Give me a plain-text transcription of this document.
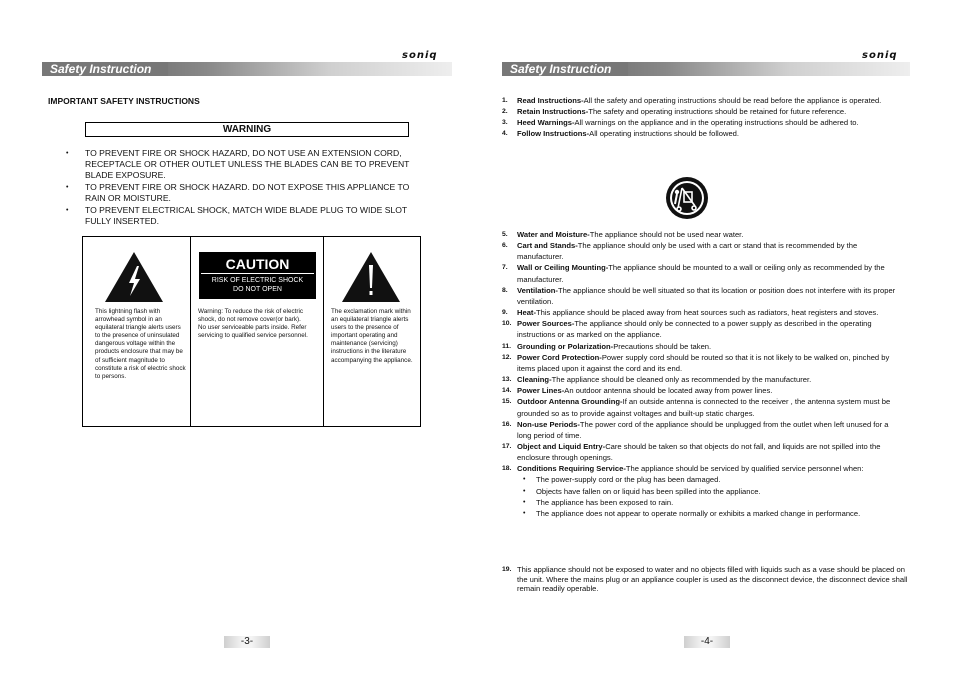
soniq
Safety Instruction
IMPORTANT SAFETY INSTRUCTIONS
WARNING
• TO PREVENT FIRE OR SHOCK HAZARD, DO NOT USE AN EXTENSION CORD, RECEPTACLE OR OTHER OUTLET UNLESS THE BLADES CAN BE TO PREVENT BLADE EXPOSURE.
• TO PREVENT FIRE OR SHOCK HAZARD. DO NOT EXPOSE THIS APPLIANCE TO RAIN OR MOISTURE.
• TO PREVENT ELECTRICAL SHOCK, MATCH WIDE BLADE PLUG TO WIDE SLOT FULLY INSERTED.
This lightning flash with arrowhead symbol in an equilateral triangle alerts users to the presence of uninsulated dangerous voltage within the products enclosure that may be of sufficient magnitude to constitute a risk of electric shock to persons.
CAUTION
RISK OF ELECTRIC SHOCK
DO NOT OPEN
Warning: To reduce the risk of electric shock, do not remove cover(or bark). No user serviceable parts inside. Refer servicing to qualified service personnel.
The exclamation mark within an equilateral triangle alerts users to the presence of important operating and maintenance (servicing) instructions in the literature accompanying the appliance.
-3-
soniq
Safety Instruction
1. Read Instructions-All the safety and operating instructions should be read before the appliance is operated.
2. Retain Instructions-The safety and operating instructions should be retained for future reference.
3. Heed Warnings-All warnings on the appliance and in the operating instructions should be adhered to.
4. Follow Instructions-All operating instructions should be followed.
5. Water and Moisture-The appliance should not be used near water.
6. Cart and Stands-The appliance should only be used with a cart or stand that is recommended by the manufacturer.
7. Wall or Ceiling Mounting-The appliance should be mounted to a wall or ceiling only as recommended by the manufacturer.
8. Ventilation-The appliance should be well situated so that its location or position does not interfere with its proper ventilation.
9. Heat-This appliance should be placed away from heat sources such as radiators, heat registers and stoves.
10. Power Sources-The appliance should only be connected to a power supply as described in the operating instructions or as marked on the appliance.
11. Grounding or Polarization-Precautions should be taken.
12. Power Cord Protection-Power supply cord should be routed so that it is not likely to be walked on, pinched by items placed upon it against the cord and its end.
13. Cleaning-The appliance should be cleaned only as recommended by the manufacturer.
14. Power Lines-An outdoor antenna should be located away from power lines.
15. Outdoor Antenna Grounding-If an outside antenna is connected to the receiver , the antenna system must be grounded so as to provide against voltages and built-up static charges.
16. Non-use Periods-The power cord of the appliance should be unplugged from the outlet when left unused for a long period of time.
17. Object and Liquid Entry-Care should be taken so that objects do not fall, and liquids are not spilled into the enclosure through openings.
18. Conditions Requiring Service-The appliance should be serviced by qualified service personnel when:
• The power-supply cord or the plug has been damaged.
• Objects have fallen on or liquid has been spilled into the appliance.
• The appliance has been exposed to rain.
• The appliance does not appear to operate normally or exhibits a marked change in performance.
19. This appliance should not be exposed to water and no objects filled with liquids such as a vase should be placed on the unit. Where the mains plug or an appliance coupler is used as the disconnect device, the disconnect device shall remain readily operable.
-4-
